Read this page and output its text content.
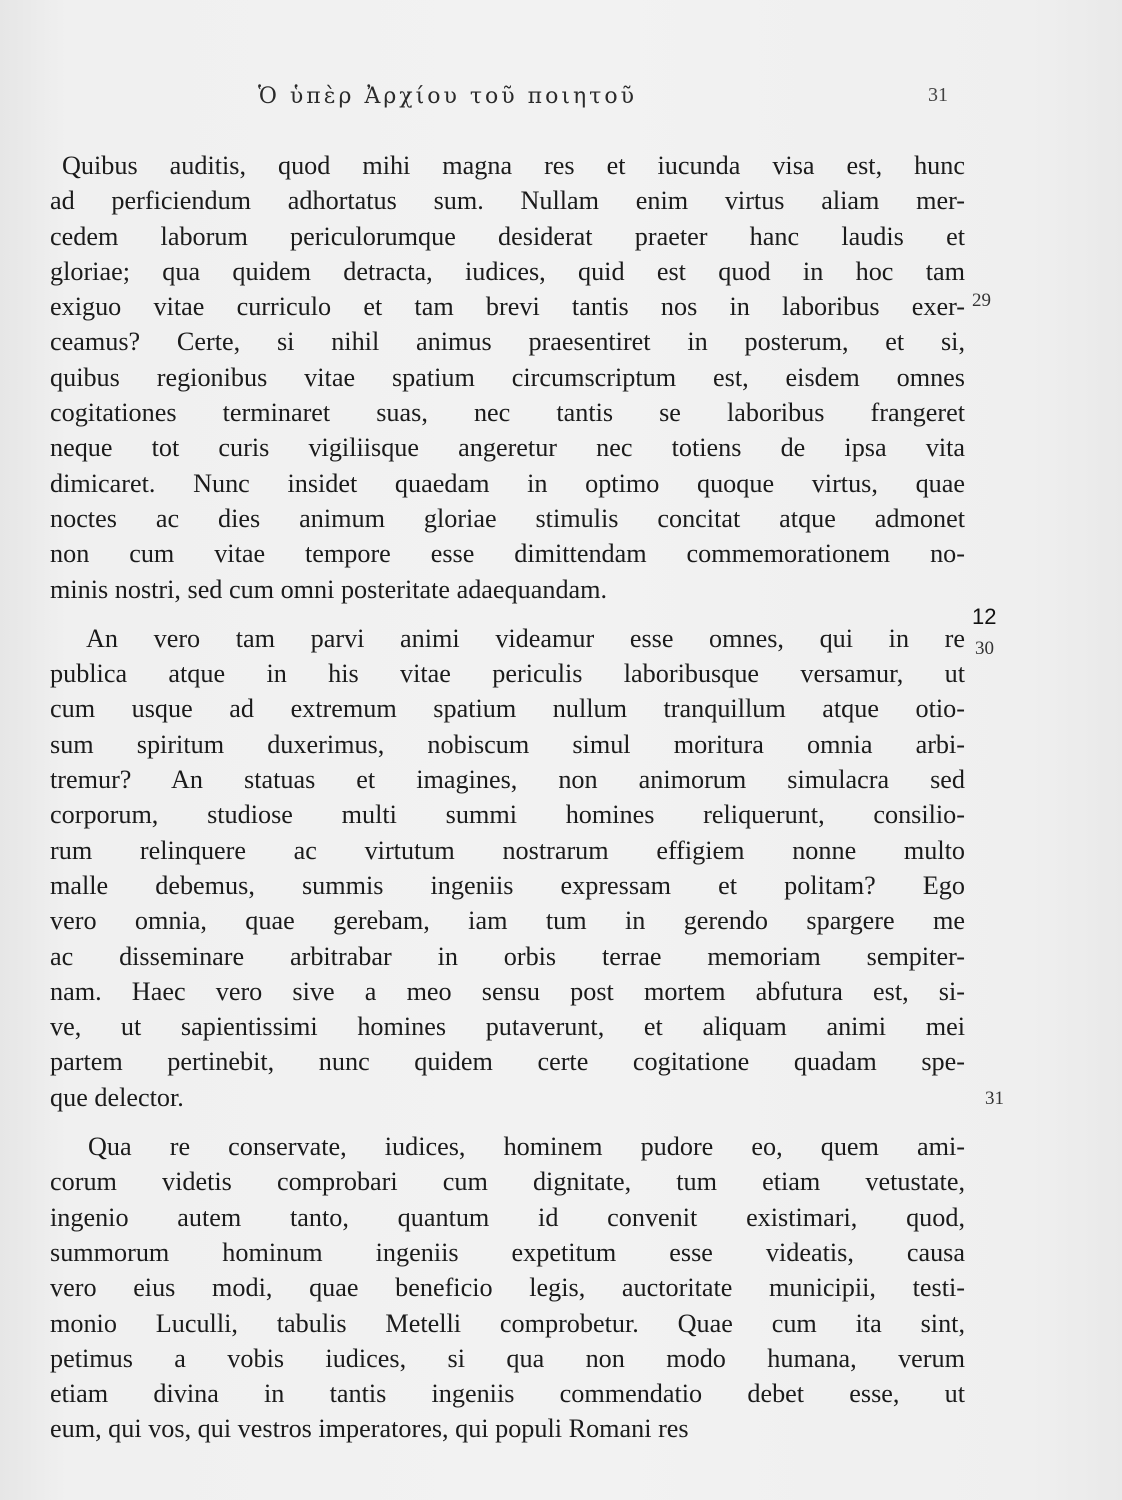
Ὁ ὑπὲρ Ἀρχίου τοῦ ποιητοῦ	31
Quibus auditis, quod mihi magna res et iucunda visa est, hunc
ad perficiendum adhortatus sum. Nullam enim virtus aliam mer-
cedem laborum periculorumque desiderat praeter hanc laudis et
gloriae; qua quidem detracta, iudices, quid est quod in hoc tam
exiguo vitae curriculo et tam brevi tantis nos in laboribus exer-
ceamus? Certe, si nihil animus praesentiret in posterum, et si,
quibus regionibus vitae spatium circumscriptum est, eisdem omnes
cogitationes terminaret suas, nec tantis se laboribus frangeret
neque tot curis vigiliisque angeretur nec totiens de ipsa vita
dimicaret. Nunc insidet quaedam in optimo quoque virtus, quae
noctes ac dies animum gloriae stimulis concitat atque admonet
non cum vitae tempore esse dimittendam commemorationem no-
minis nostri, sed cum omni posteritate adaequandam.
An vero tam parvi animi videamur esse omnes, qui in re
publica atque in his vitae periculis laboribusque versamur, ut
cum usque ad extremum spatium nullum tranquillum atque otio-
sum spiritum duxerimus, nobiscum simul moritura omnia arbi-
tremur? An statuas et imagines, non animorum simulacra sed
corporum, studiose multi summi homines reliquerunt, consilio-
rum relinquere ac virtutum nostrarum effigiem nonne multo
malle debemus, summis ingeniis expressam et politam? Ego
vero omnia, quae gerebam, iam tum in gerendo spargere me
ac disseminare arbitrabar in orbis terrae memoriam sempiter-
nam. Haec vero sive a meo sensu post mortem abfutura est, si-
ve, ut sapientissimi homines putaverunt, et aliquam animi mei
partem pertinebit, nunc quidem certe cogitatione quadam spe-
que delector.
Qua re conservate, iudices, hominem pudore eo, quem ami-
corum videtis comprobari cum dignitate, tum etiam vetustate,
ingenio autem tanto, quantum id convenit existimari, quod,
summorum hominum ingeniis expetitum esse videatis, causa
vero eius modi, quae beneficio legis, auctoritate municipii, testi-
monio Luculli, tabulis Metelli comprobetur. Quae cum ita sint,
petimus a vobis iudices, si qua non modo humana, verum
etiam divina in tantis ingeniis commendatio debet esse, ut
eum, qui vos, qui vestros imperatores, qui populi Romani res
29
12
30
31
